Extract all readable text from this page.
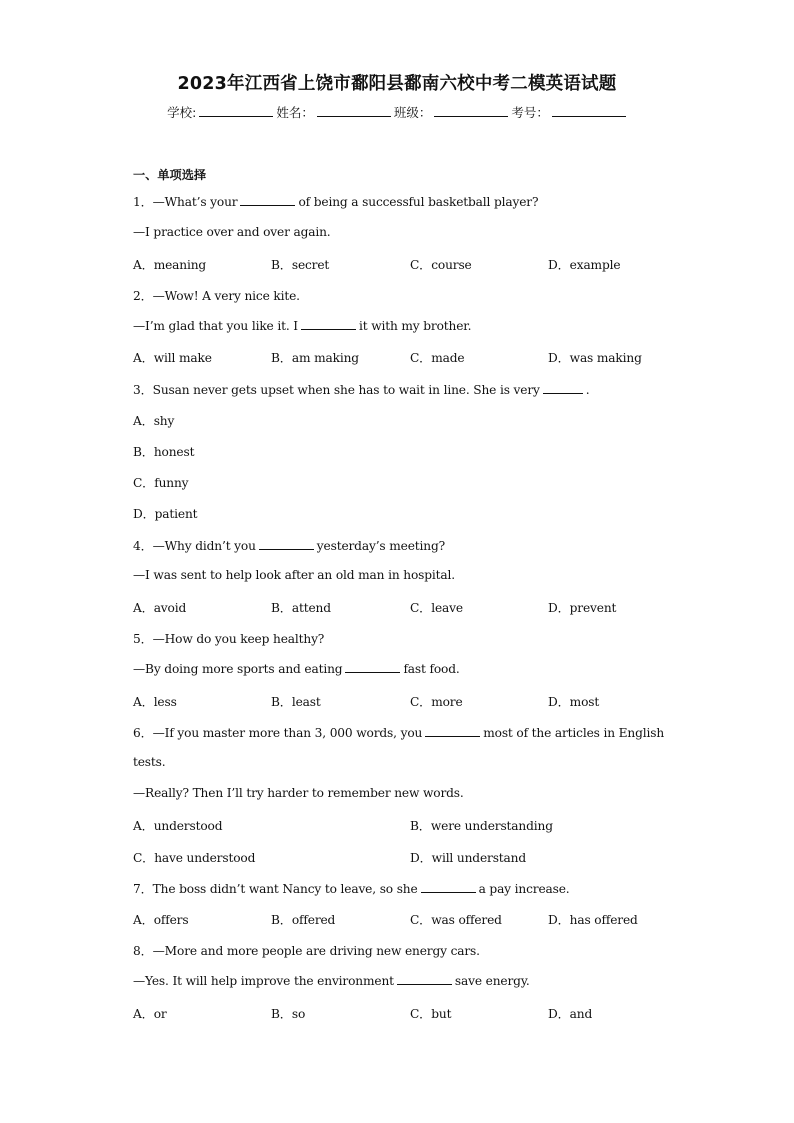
2023年江西省上饶市鄱阳县鄱南六校中考二模英语试题
学校:	姓名：	班级：	考号：
一、单项选择
1．—What’s your	of being a successful basketball player?
—I practice over and over again.
A．meaning	B．secret	C．course	D．example
2．—Wow! A very nice kite.
—I’m glad that you like it. I	it with my brother.
A．will make	B．am making	C．made	D．was making
3．Susan never gets upset when she has to wait in line. She is very	.
A．shy
B．honest
C．funny
D．patient
4．—Why didn’t you	yesterday’s meeting?
—I was sent to help look after an old man in hospital.
A．avoid	B．attend	C．leave	D．prevent
5．—How do you keep healthy?
—By doing more sports and eating	fast food.
A．less	B．least	C．more	D．most
6．—If you master more than 3, 000 words, you	most of the articles in English
tests.
—Really? Then I’ll try harder to remember new words.
A．understood	B．were understanding
C．have understood	D．will understand
7．The boss didn’t want Nancy to leave, so she	a pay increase.
A．offers	B．offered	C．was offered	D．has offered
8．—More and more people are driving new energy cars.
—Yes. It will help improve the environment	save energy.
A．or	B．so	C．but	D．and
